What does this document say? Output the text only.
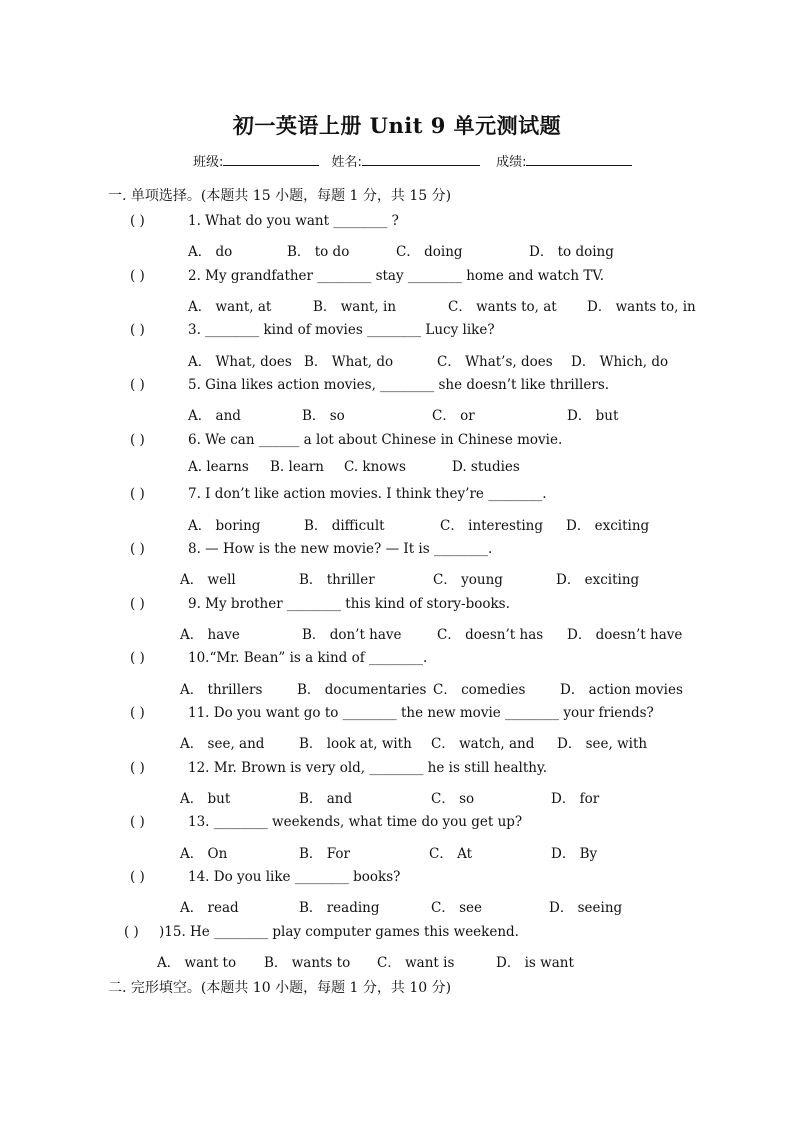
初一英语上册 Unit 9 单元测试题
班级:	姓名:	成绩:
一. 单项选择。(本题共 15 小题，每题 1 分，共 15 分)
( )	1. What do you want ________ ?
A． do	B． to do	C． doing	D． to doing
( )	2. My grandfather ________ stay ________ home and watch TV.
A． want, at	B． want, in	C． wants to, at D． wants to, in
( )	3. ________ kind of movies ________ Lucy like?
A． What, does B． What, do	C． What’s, does D． Which, do
( )	5. Gina likes action movies, ________ she doesn’t like thrillers.
A． and	B． so	C． or	D． but
( )	6. We can ______ a lot about Chinese in Chinese movie.
A. learns B. learn C. knows	D. studies
( )	7. I don’t like action movies. I think they’re ________.
A． boring	B． difficult	C． interesting D． exciting
( )	8. — How is the new movie? — It is ________.
A． well	B． thriller	C． young	D． exciting
( )	9. My brother ________ this kind of story-books.
A． have	B． don’t have	C． doesn’t has D． doesn’t have
( )	10.“Mr. Bean” is a kind of ________.
A． thrillers	B． documentaries C． comedies	D． action movies
( )	11. Do you want go to ________ the new movie ________ your friends?
A． see, and	B． look at, with C． watch, and D． see, with
( )	12. Mr. Brown is very old, ________ he is still healthy.
A． but	B． and	C． so	D． for
( )	13. ________ weekends, what time do you get up?
A． On	B． For	C． At	D． By
( )	14. Do you like ________ books?
A． read	B． reading	C． see	D． seeing
( ) )15. He ________ play computer games this weekend.
A． want to B． wants to C． want is	D． is want
二. 完形填空。(本题共 10 小题，每题 1 分，共 10 分)
